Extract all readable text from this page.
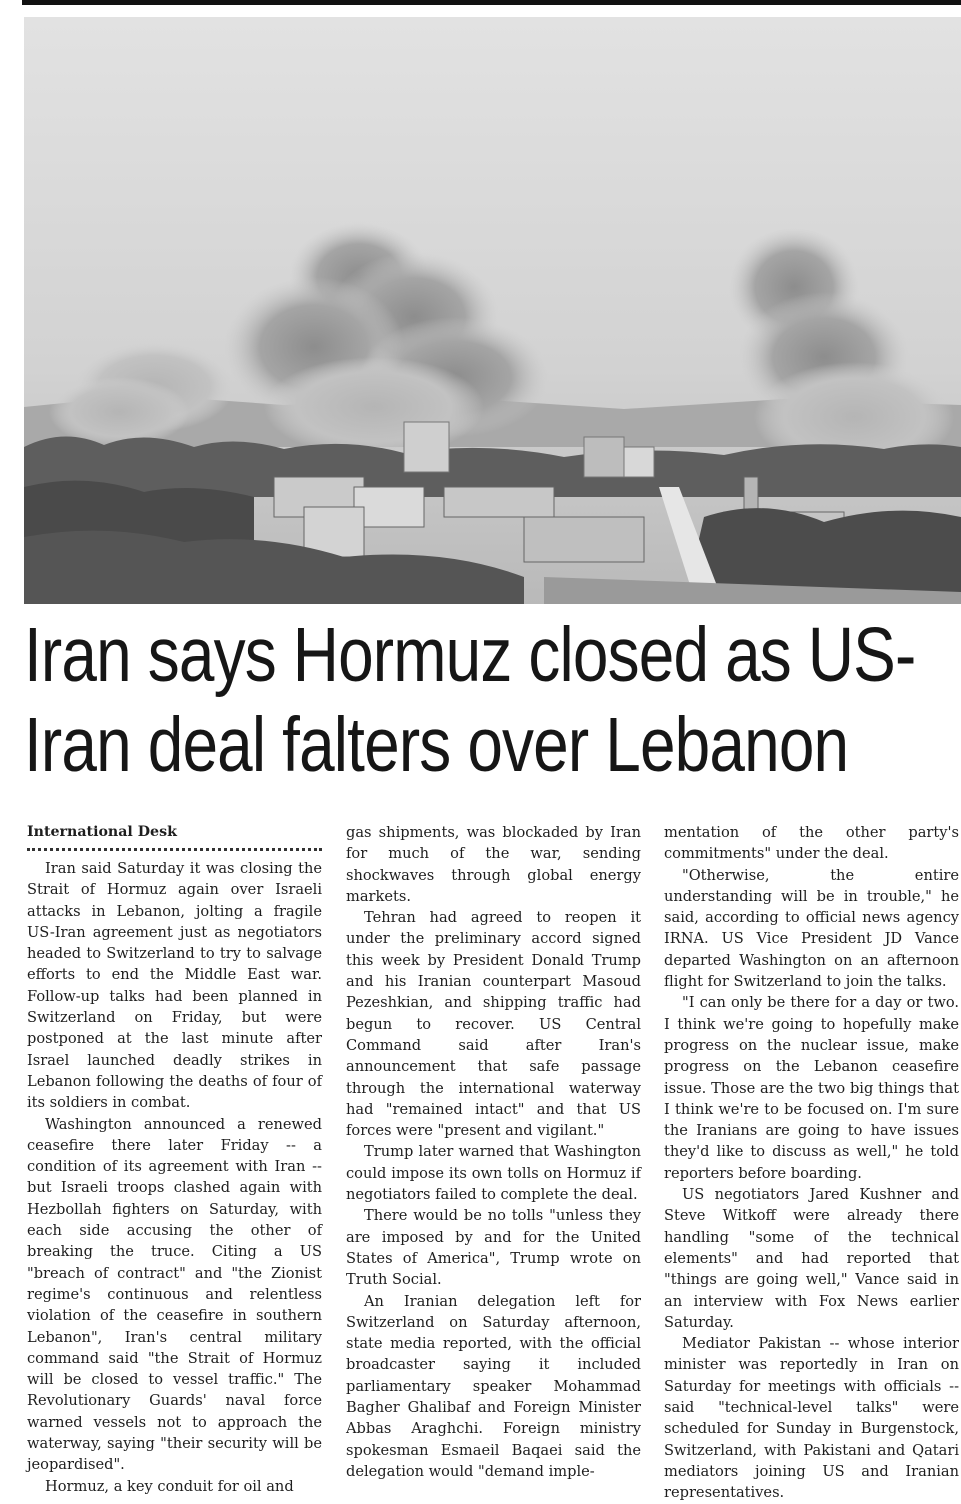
Iran says Hormuz closed as US-Iran deal falters over Lebanon
International Desk

Iran said Saturday it was closing the Strait of Hormuz again over Israeli attacks in Lebanon, jolting a fragile US-Iran agreement just as negotiators headed to Switzerland to try to salvage efforts to end the Middle East war. Follow-up talks had been planned in Switzerland on Friday, but were postponed at the last minute after Israel launched deadly strikes in Lebanon following the deaths of four of its soldiers in combat.

Washington announced a renewed ceasefire there later Friday -- a condition of its agreement with Iran -- but Israeli troops clashed again with Hezbollah fighters on Saturday, with each side accusing the other of breaking the truce. Citing a US "breach of contract" and "the Zionist regime's continuous and relentless violation of the ceasefire in southern Lebanon", Iran's central military command said "the Strait of Hormuz will be closed to vessel traffic." The Revolutionary Guards' naval force warned vessels not to approach the waterway, saying "their security will be jeopardised".

Hormuz, a key conduit for oil and

gas shipments, was blockaded by Iran for much of the war, sending shockwaves through global energy markets.

Tehran had agreed to reopen it under the preliminary accord signed this week by President Donald Trump and his Iranian counterpart Masoud Pezeshkian, and shipping traffic had begun to recover. US Central Command said after Iran's announcement that safe passage through the international waterway had "remained intact" and that US forces were "present and vigilant."

Trump later warned that Washington could impose its own tolls on Hormuz if negotiators failed to complete the deal.

There would be no tolls "unless they are imposed by and for the United States of America", Trump wrote on Truth Social.

An Iranian delegation left for Switzerland on Saturday afternoon, state media reported, with the official broadcaster saying it included parliamentary speaker Mohammad Bagher Ghalibaf and Foreign Minister Abbas Araghchi. Foreign ministry spokesman Esmaeil Baqaei said the delegation would "demand imple-

mentation of the other party's commitments" under the deal.

"Otherwise, the entire understanding will be in trouble," he said, according to official news agency IRNA. US Vice President JD Vance departed Washington on an afternoon flight for Switzerland to join the talks.

"I can only be there for a day or two. I think we're going to hopefully make progress on the nuclear issue, make progress on the Lebanon ceasefire issue. Those are the two big things that I think we're to be focused on. I'm sure the Iranians are going to have issues they'd like to discuss as well," he told reporters before boarding.

US negotiators Jared Kushner and Steve Witkoff were already there handling "some of the technical elements" and had reported that "things are going well," Vance said in an interview with Fox News earlier Saturday.

Mediator Pakistan -- whose interior minister was reportedly in Iran on Saturday for meetings with officials -- said "technical-level talks" were scheduled for Sunday in Burgenstock, Switzerland, with Pakistani and Qatari mediators joining US and Iranian representatives.
